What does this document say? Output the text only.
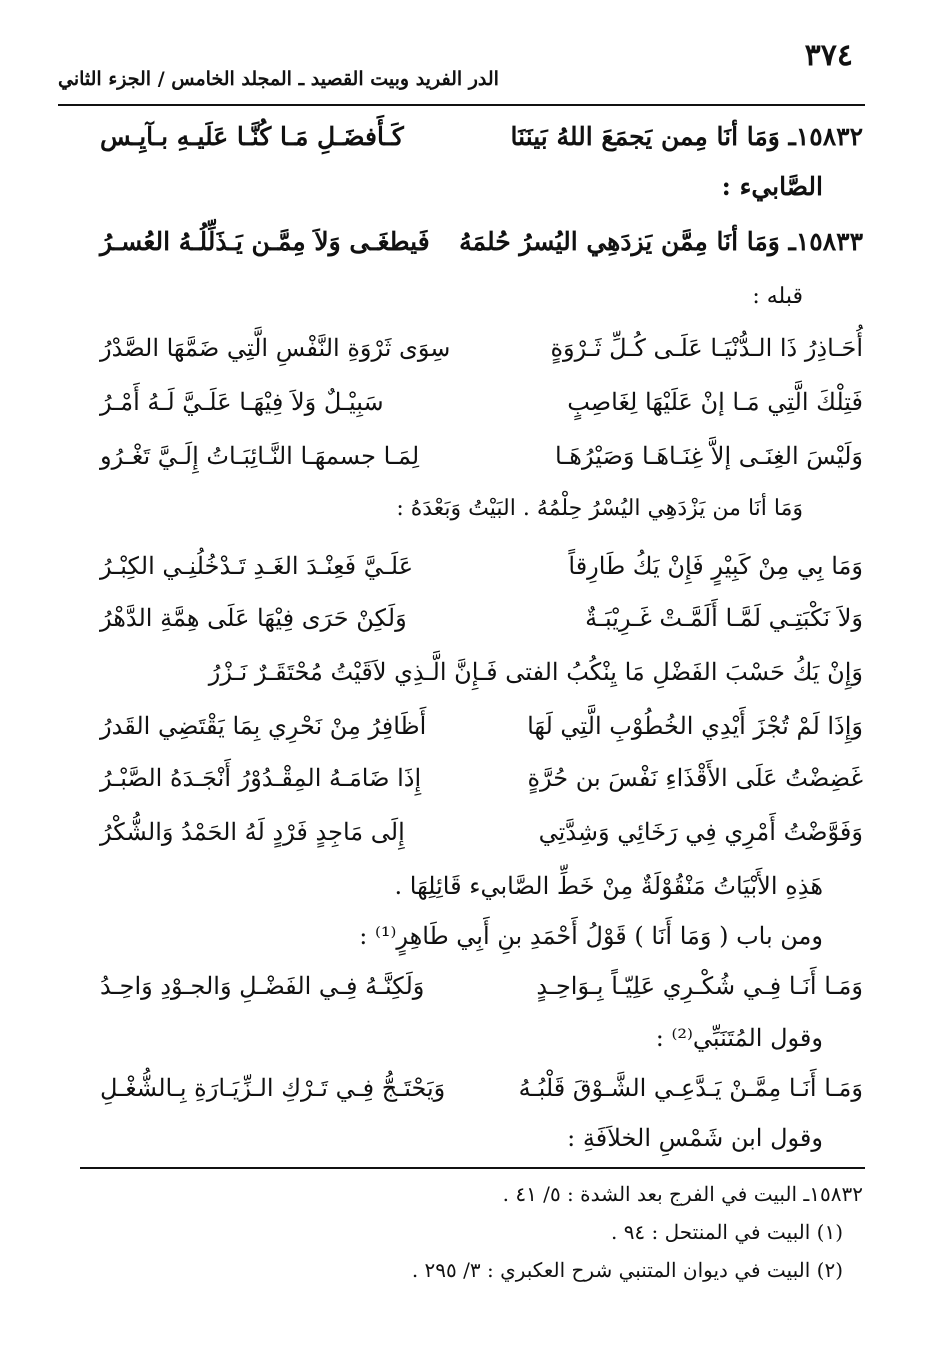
٣٧٤
الدر الفريد وبيت القصيد ـ المجلد الخامس / الجزء الثاني
١٥٨٣٢ـ وَمَا أنَا مِمن يَجمَعَ اللهُ بَينَنَا
كَـأَفضَـلِ مَـا كُنَّـا عَلَيـهِ بـآيِـس
الصَّابيء :
١٥٨٣٣ـ وَمَا أنَا مِمَّن يَزدَهِي اليُسرُ حُلمَهُ
فَيطغَـى وَلاَ مِمَّـن يَـذَلِّلُـهُ العُسـرُ
قبله :
أُحَـاذِرُ ذَا الـدُّنْيَـا عَلَـى كُـلِّ ثَـرْوَةٍ
سِوَى ثَرْوَةِ النَّفْسِ الَّتِي ضَمَّهَا الصَّدْرُ
فَتِلْكَ الَّتِي مَـا إنْ عَلَيْهَا لِغَاصِبٍ
سَبِيْـلٌ وَلاَ فِيْهَـا عَلَـيَّ لَـهُ أَمْـرُ
وَلَيْسَ الغِنَـى إلاَّ غِنَـاهَـا وَصَيْرُهَـا
لِمَـا جسمهَـا النَّـائِبَـاتُ إِلَـيَّ تَغْـرُو
وَمَا أنَا من يَزْدَهِي اليُسْرُ حِلْمُهُ . البَيْتُ وَبَعْدَهُ :
وَمَا بِي مِنْ كَبِيْرٍ فَإِنْ يَكُ طَارِقاً
عَلَـيَّ فَعِنْـدَ الغَـدِ تَـدْخُلُنِـي الكِبْـرُ
وَلاَ نَكْبَتِـي لَمَّـا أَلَمَّـتْ غَـرِيْبَـةٌ
وَلَكِنْ حَرَى فِيْهَا عَلَى هِمَّةِ الدَّهْرُ
وَإِنْ يَكُ حَسْبَ الفَضْلِ مَا يِنْكُبُ الفتى فَـإِنَّ الَّـذِي لاَقَيْتُ مُحْتَقَـرٌ نَـزْرُ
وَإِذَا لَمْ تُجْزَ أَيْدِي الخُطُوْبِ الَّتِي لَهَا
أَظَافِرُ مِنْ نَحْرِي بِمَا يَقْتَضِي القَدرُ
غَضِضْتُ عَلَى الأَقْذَاءِ نَفْسَ بن حُرَّةٍ
إِذَا ضَامَـهُ المِقْـدُوْرُ أَنْجَـدَهُ الصَّبْـرُ
وَفَوَّضْتُ أَمْرِي فِي رَخَائِي وَشِدَّتِي
إِلَى مَاجِدٍ فَرْدٍ لَهُ الحَمْدُ وَالشُّكْرُ
هَذِهِ الأَبْيَاتُ مَنْقُوْلَةٌ مِنْ خَطِّ الصَّابيء قَائِلِهَا .
ومن باب ( وَمَا أَنَا ) قَوْلُ أَحْمَدِ بنِ أَبِي طَاهِرٍ⁽¹⁾ :
وَمَـا أَنَـا فِـي شُكْـرِي عَلِيّـاً بِـوَاحِـدٍ
وَلَكِنَّـهُ فِـي الفَضْـلِ وَالجـوْدِ وَاحِـدُ
وقول المُتَنَبِّي⁽²⁾ :
وَمَـا أَنَـا مِمَّـنْ يَـدَّعِـي الشَّـوْقَ قَلْبُـهُ
وَيَحْتَـجُّ فِـي تَـرْكِ الـزِّيَـارَةِ بِـالشُّغْـلِ
وقول ابن شَمْسِ الخلاَفَةِ :
١٥٨٣٢ـ البيت في الفرج بعد الشدة : ٥/ ٤١ .
(١) البيت في المنتحل : ٩٤ .
(٢) البيت في ديوان المتنبي شرح العكبري : ٣/ ٢٩٥ .
